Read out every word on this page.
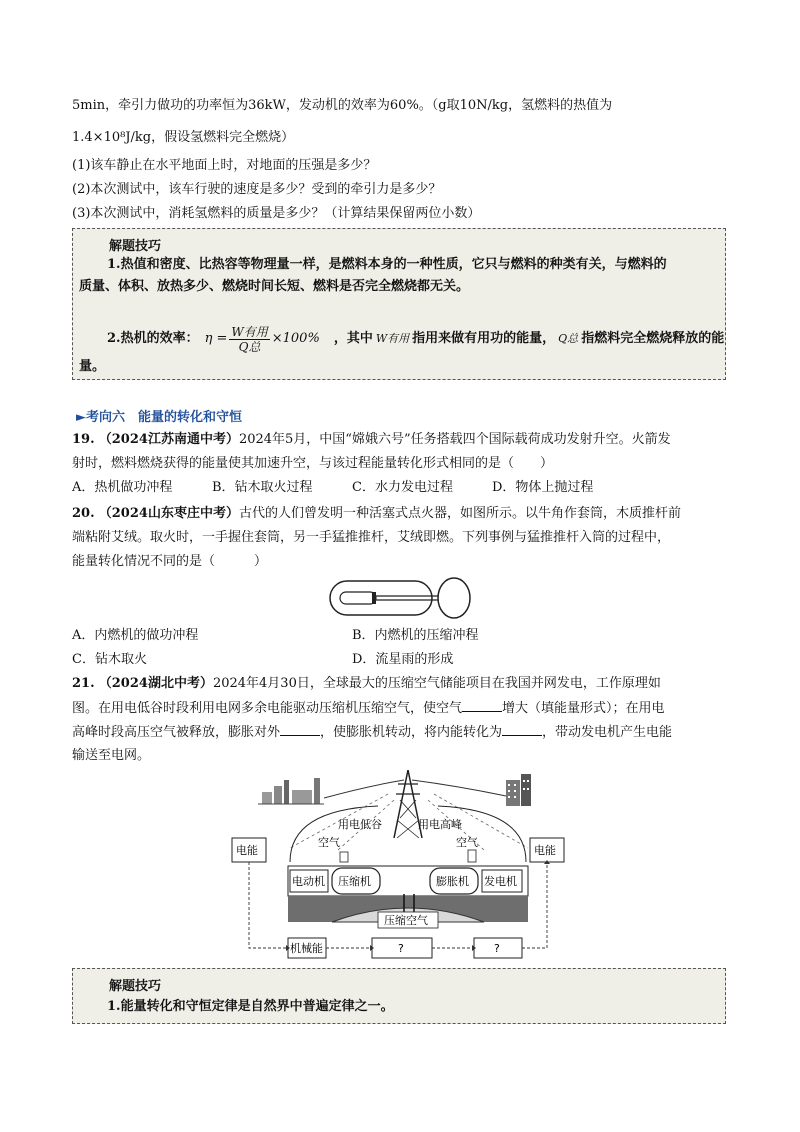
5min，牵引力做功的功率恒为36kW，发动机的效率为60%。（g取10N/kg，氢燃料的热值为
1.4×10⁸J/kg，假设氢燃料完全燃烧）
(1)该车静止在水平地面上时，对地面的压强是多少？
(2)本次测试中，该车行驶的速度是多少？受到的牵引力是多少？
(3)本次测试中，消耗氢燃料的质量是多少？（计算结果保留两位小数）
解题技巧
1.热值和密度、比热容等物理量一样，是燃料本身的一种性质，它只与燃料的种类有关，与燃料的
质量、体积、放热多少、燃烧时间长短、燃料是否完全燃烧都无关。
2.热机的效率： $\eta = \frac{\text{W有用}}{\text{Q总}} \times 100\%$ ，其中 W有用 指用来做有用功的能量， Q总 指燃料完全燃烧释放的能
量。
►考向六　能量的转化和守恒
19. （2024江苏南通中考）2024年5月，中国“嫦娥六号”任务搭载四个国际载荷成功发射升空。火箭发
射时，燃料燃烧获得的能量使其加速升空，与该过程能量转化形式相同的是（　　）
A．热机做功冲程	B．钻木取火过程	C．水力发电过程	D．物体上抛过程
20. （2024山东枣庄中考）古代的人们曾发明一种活塞式点火器，如图所示。以牛角作套筒，木质推杆前
端粘附艾绒。取火时，一手握住套筒，另一手猛推推杆，艾绒即燃。下列事例与猛推推杆入筒的过程中，
能量转化情况不同的是（　　　）
A．内燃机的做功冲程	B．内燃机的压缩冲程
C．钻木取火	D．流星雨的形成
21. （2024湖北中考）2024年4月30日，全球最大的压缩空气储能项目在我国并网发电，工作原理如
图。在用电低谷时段利用电网多余电能驱动压缩机压缩空气，使空气	增大（填能量形式）；在用电
高峰时段高压空气被释放，膨胀对外	，使膨胀机转动，将内能转化为	，带动发电机产生电能
输送至电网。
用电低谷	用电高峰
电能	电能
空气	空气
电动机 压缩机	膨胀机 发电机
压缩空气
机械能	?	?
解题技巧
1.能量转化和守恒定律是自然界中普遍定律之一。
